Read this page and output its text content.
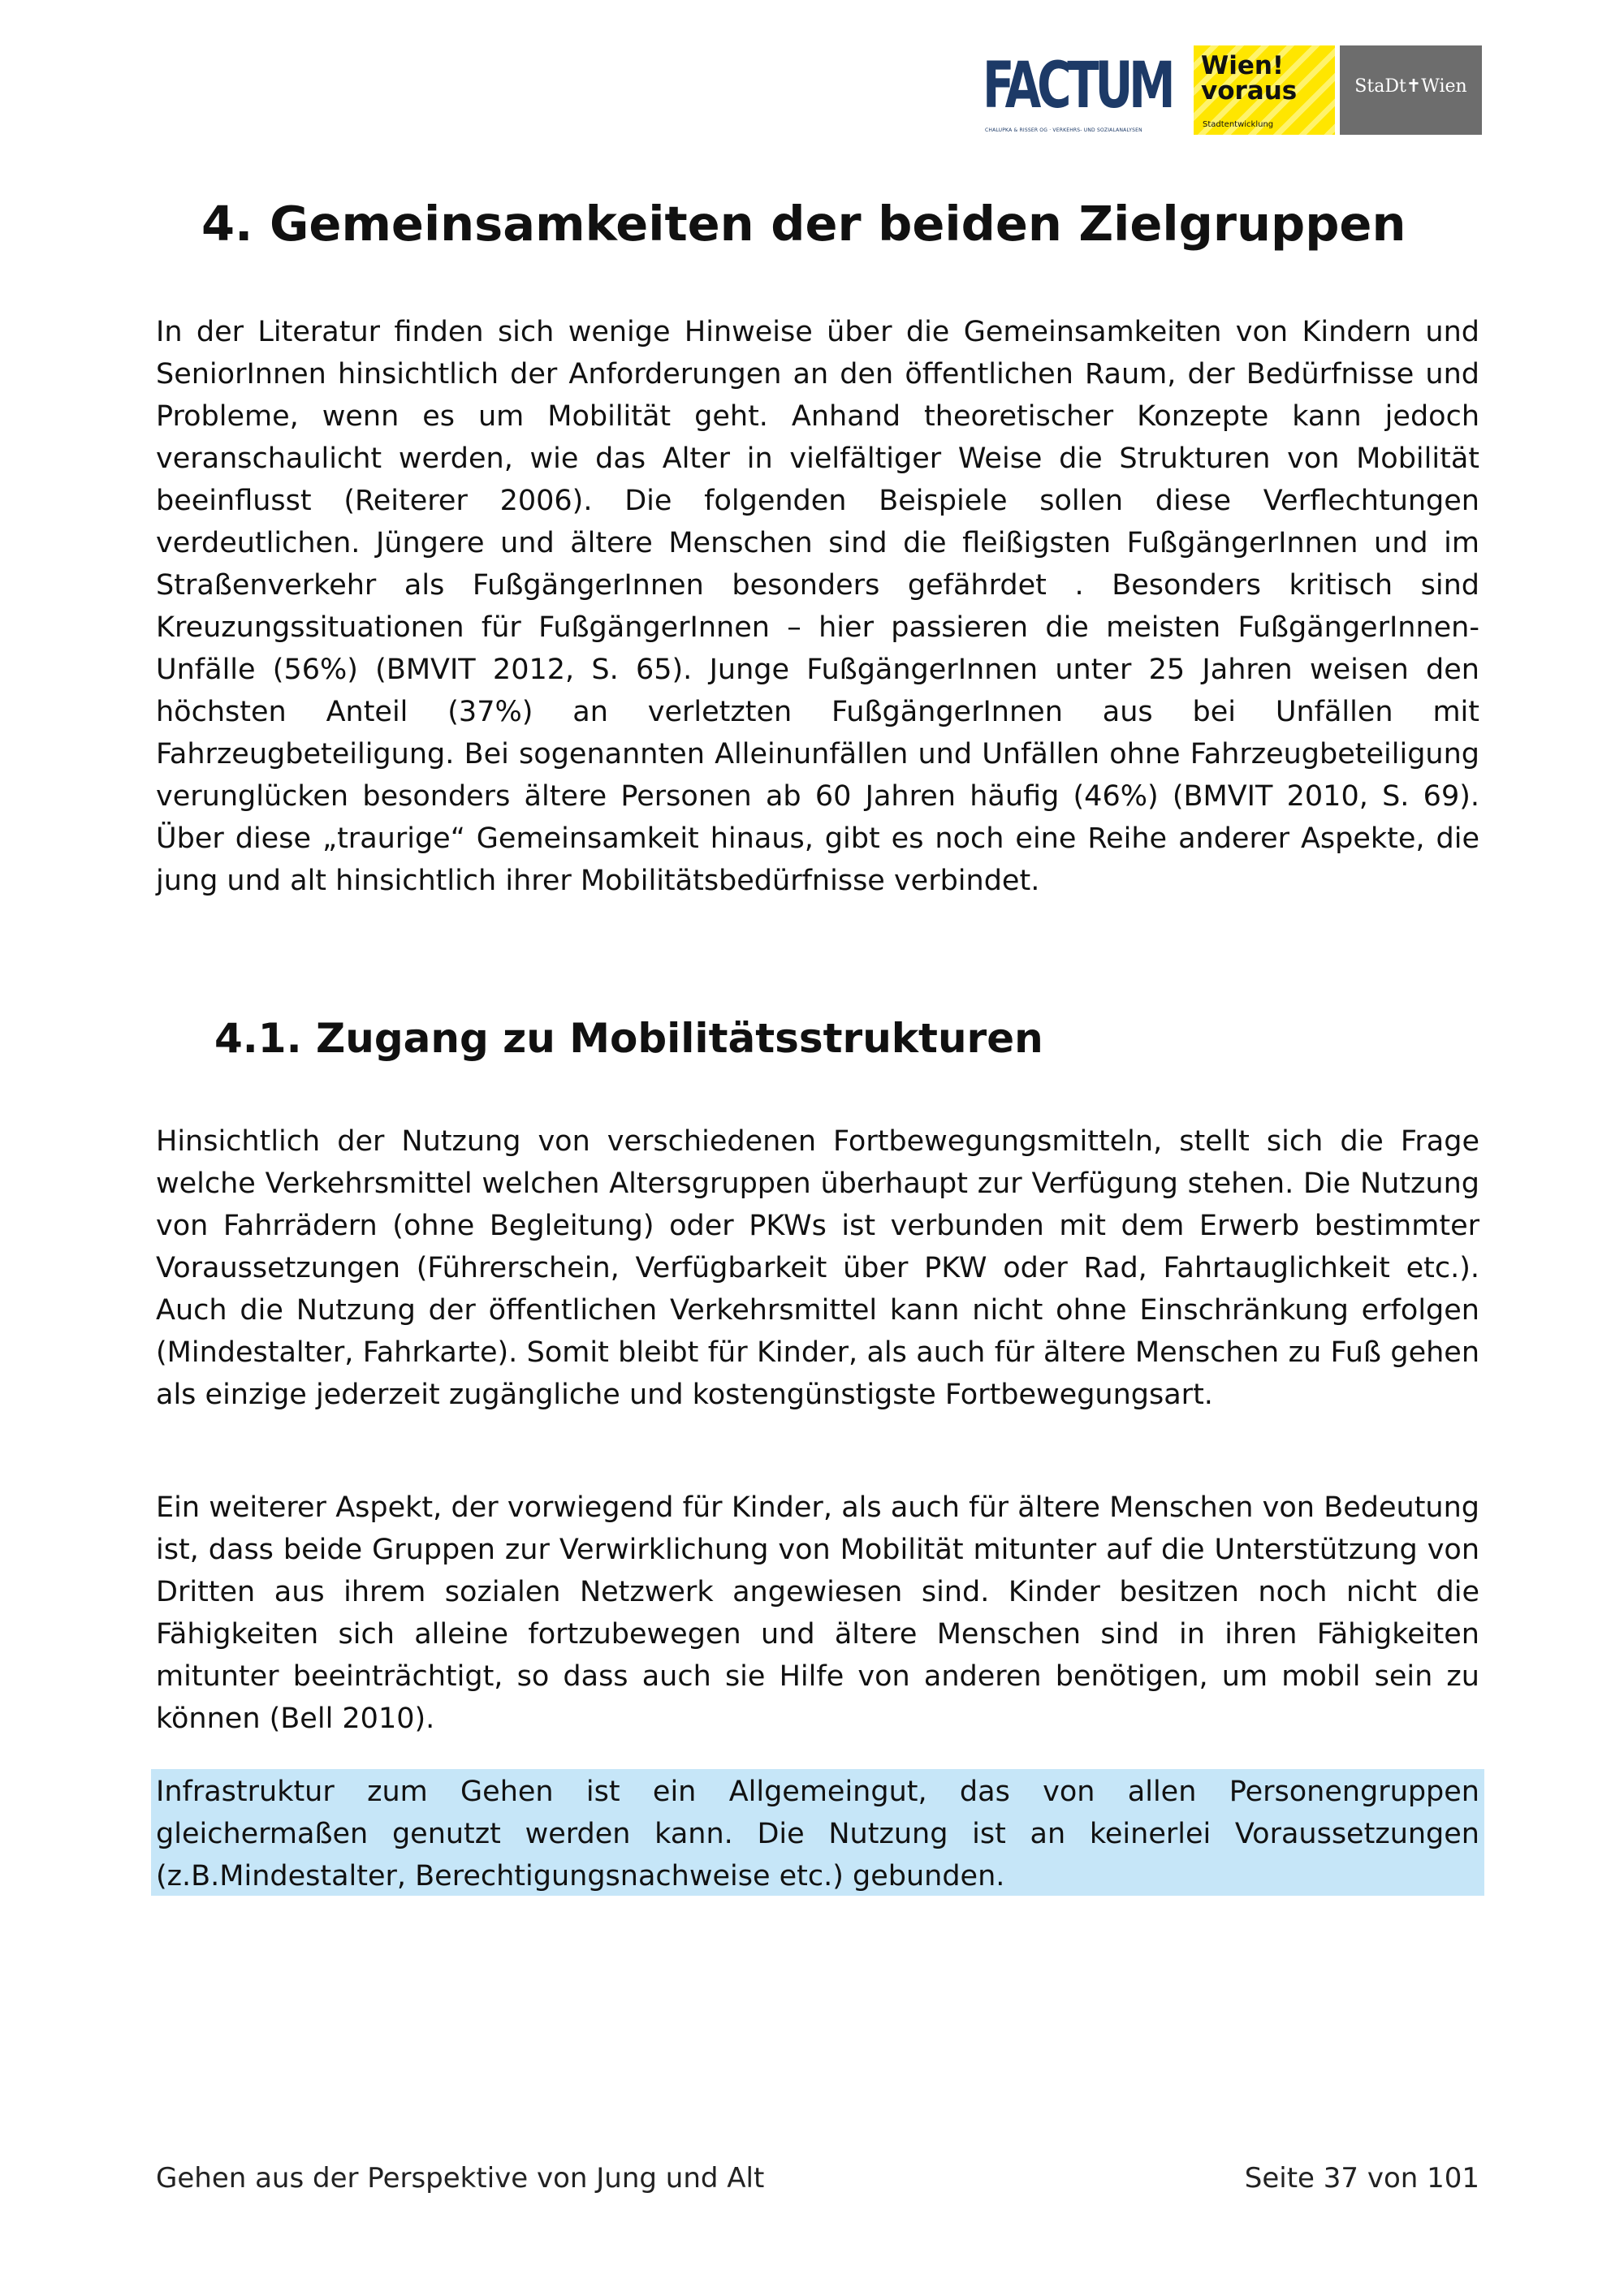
FACTUM
CHALUPKA & RISSER OG · VERKEHRS- UND SOZIALANALYSEN
Wien!
voraus
Stadtentwicklung
StaDt✝Wien
4. Gemeinsamkeiten der beiden Zielgruppen
In der Literatur finden sich wenige Hinweise über die Gemeinsamkeiten von Kindern und SeniorInnen hinsichtlich der Anforderungen an den öffentlichen Raum, der Bedürfnisse und Probleme, wenn es um Mobilität geht. Anhand theoretischer Konzepte kann jedoch veranschaulicht werden, wie das Alter in vielfältiger Weise die Strukturen von Mobilität beeinflusst (Reiterer 2006). Die folgenden Beispiele sollen diese Verflechtungen verdeutlichen. Jüngere und ältere Menschen sind die fleißigsten FußgängerInnen und im Straßenverkehr als FußgängerInnen besonders gefährdet . Besonders kritisch sind Kreuzungssituationen für FußgängerInnen – hier passieren die meisten FußgängerInnen-Unfälle (56%) (BMVIT 2012, S. 65). Junge FußgängerInnen unter 25 Jahren weisen den höchsten Anteil (37%) an verletzten FußgängerInnen aus bei Unfällen mit Fahrzeugbeteiligung. Bei sogenannten Alleinunfällen und Unfällen ohne Fahrzeugbeteiligung verunglücken besonders ältere Personen ab 60 Jahren häufig (46%) (BMVIT 2010, S. 69). Über diese „traurige“ Gemeinsamkeit hinaus, gibt es noch eine Reihe anderer Aspekte, die jung und alt hinsichtlich ihrer Mobilitätsbedürfnisse verbindet.
4.1. Zugang zu Mobilitätsstrukturen
Hinsichtlich der Nutzung von verschiedenen Fortbewegungsmitteln, stellt sich die Frage welche Verkehrsmittel welchen Altersgruppen überhaupt zur Verfügung stehen. Die Nutzung von Fahrrädern (ohne Begleitung) oder PKWs ist verbunden mit dem Erwerb bestimmter Voraussetzungen (Führerschein, Verfügbarkeit über PKW oder Rad, Fahrtauglichkeit etc.). Auch die Nutzung der öffentlichen Verkehrsmittel kann nicht ohne Einschränkung erfolgen (Mindestalter, Fahrkarte). Somit bleibt für Kinder, als auch für ältere Menschen zu Fuß gehen als einzige jederzeit zugängliche und kostengünstigste Fortbewegungsart.
Ein weiterer Aspekt, der vorwiegend für Kinder, als auch für ältere Menschen von Bedeutung ist, dass beide Gruppen zur Verwirklichung von Mobilität mitunter auf die Unterstützung von Dritten aus ihrem sozialen Netzwerk angewiesen sind. Kinder besitzen noch nicht die Fähigkeiten sich alleine fortzubewegen und ältere Menschen sind in ihren Fähigkeiten mitunter beeinträchtigt, so dass auch sie Hilfe von anderen benötigen, um mobil sein zu können (Bell 2010).
Infrastruktur zum Gehen ist ein Allgemeingut, das von allen Personengruppen gleichermaßen genutzt werden kann. Die Nutzung ist an keinerlei Voraussetzungen (z.B.Mindestalter, Berechtigungsnachweise etc.) gebunden.
Gehen aus der Perspektive von Jung und Alt	Seite 37 von 101
